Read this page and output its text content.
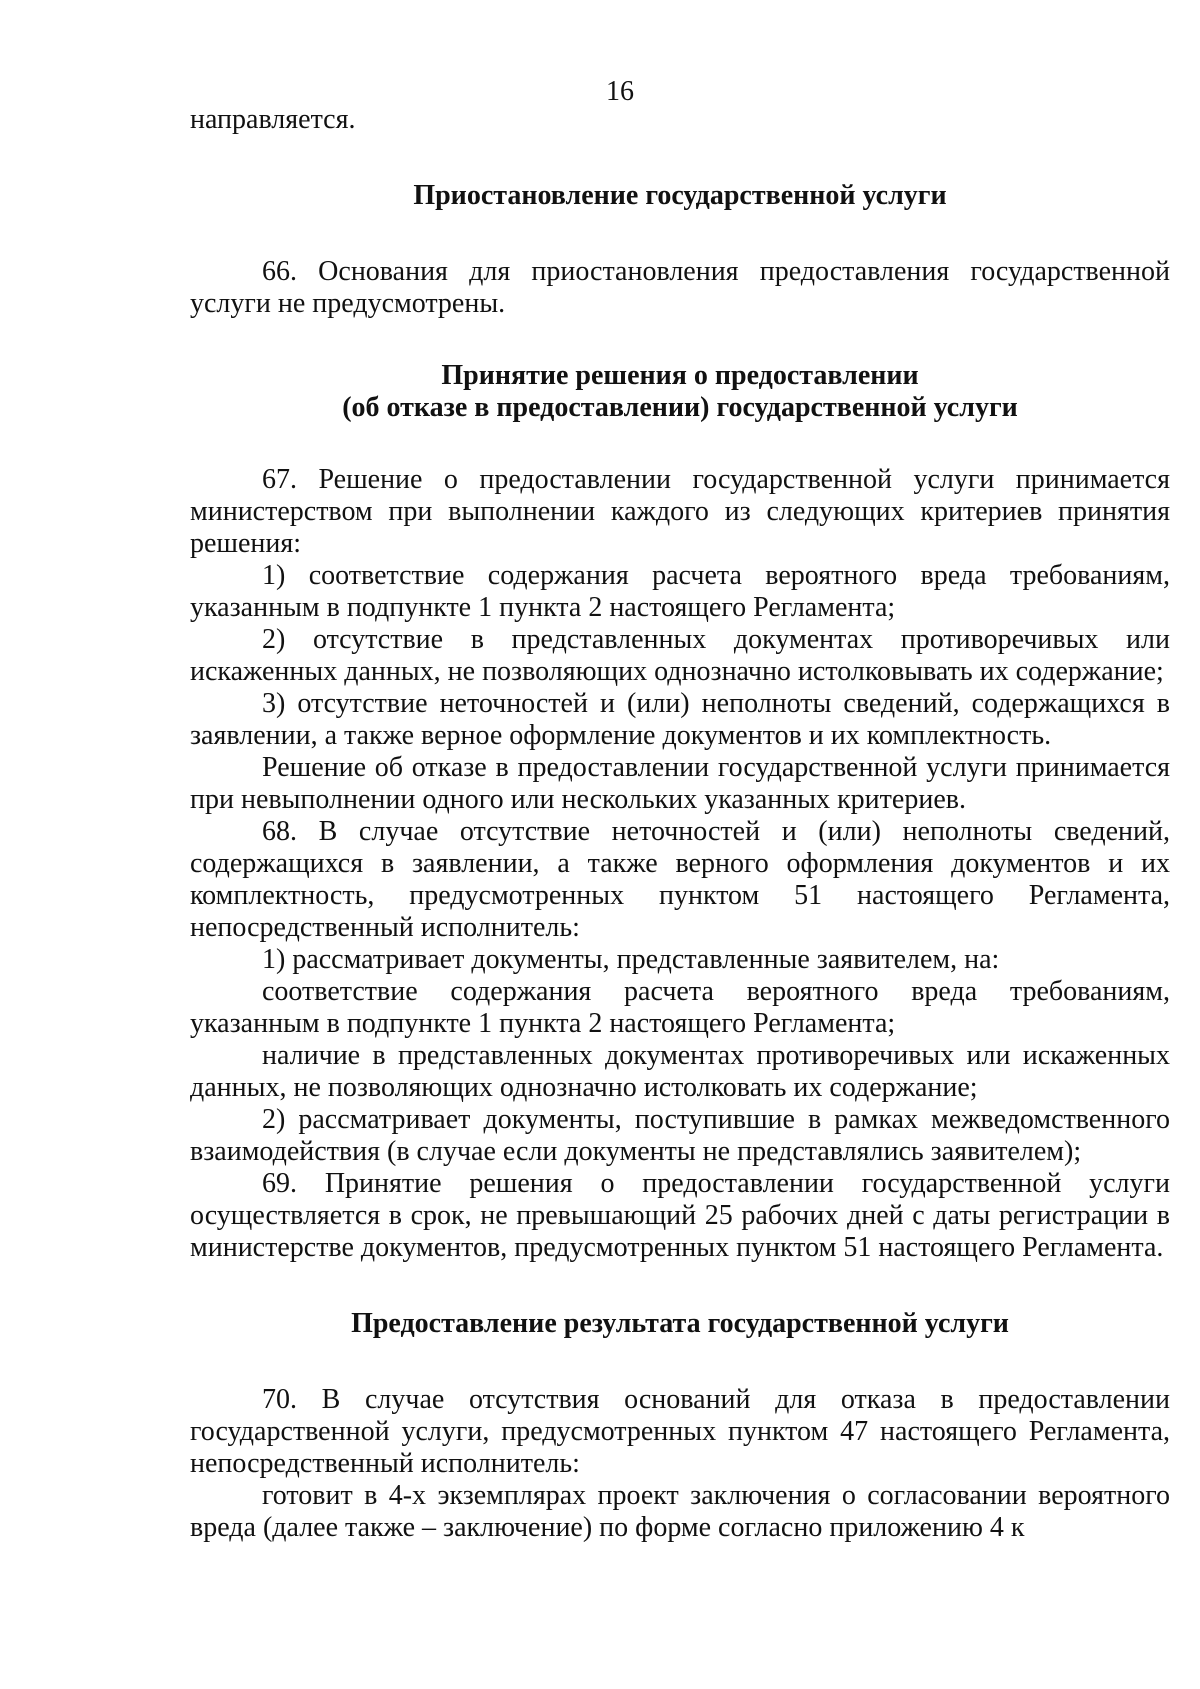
16

направляется.

Приостановление государственной услуги

66. Основания для приостановления предоставления государственной услуги не предусмотрены.

Принятие решения о предоставлении
(об отказе в предоставлении) государственной услуги

67. Решение о предоставлении государственной услуги принимается министерством при выполнении каждого из следующих критериев принятия решения:

1) соответствие содержания расчета вероятного вреда требованиям, указанным в подпункте 1 пункта 2 настоящего Регламента;

2) отсутствие в представленных документах противоречивых или искаженных данных, не позволяющих однозначно истолковывать их содержание;

3) отсутствие неточностей и (или) неполноты сведений, содержащихся в заявлении, а также верное оформление документов и их комплектность.

Решение об отказе в предоставлении государственной услуги принимается при невыполнении одного или нескольких указанных критериев.

68. В случае отсутствие неточностей и (или) неполноты сведений, содержащихся в заявлении, а также верного оформления документов и их комплектность, предусмотренных пунктом 51 настоящего Регламента, непосредственный исполнитель:

1) рассматривает документы, представленные заявителем, на:

соответствие содержания расчета вероятного вреда требованиям, указанным в подпункте 1 пункта 2 настоящего Регламента;

наличие в представленных документах противоречивых или искаженных данных, не позволяющих однозначно истолковать их содержание;

2) рассматривает документы, поступившие в рамках межведомственного взаимодействия (в случае если документы не представлялись заявителем);

69. Принятие решения о предоставлении государственной услуги осуществляется в срок, не превышающий 25 рабочих дней с даты регистрации в министерстве документов, предусмотренных пунктом 51 настоящего Регламента.

Предоставление результата государственной услуги

70. В случае отсутствия оснований для отказа в предоставлении государственной услуги, предусмотренных пунктом 47 настоящего Регламента, непосредственный исполнитель:

готовит в 4-х экземплярах проект заключения о согласовании вероятного вреда (далее также – заключение) по форме согласно приложению 4 к
